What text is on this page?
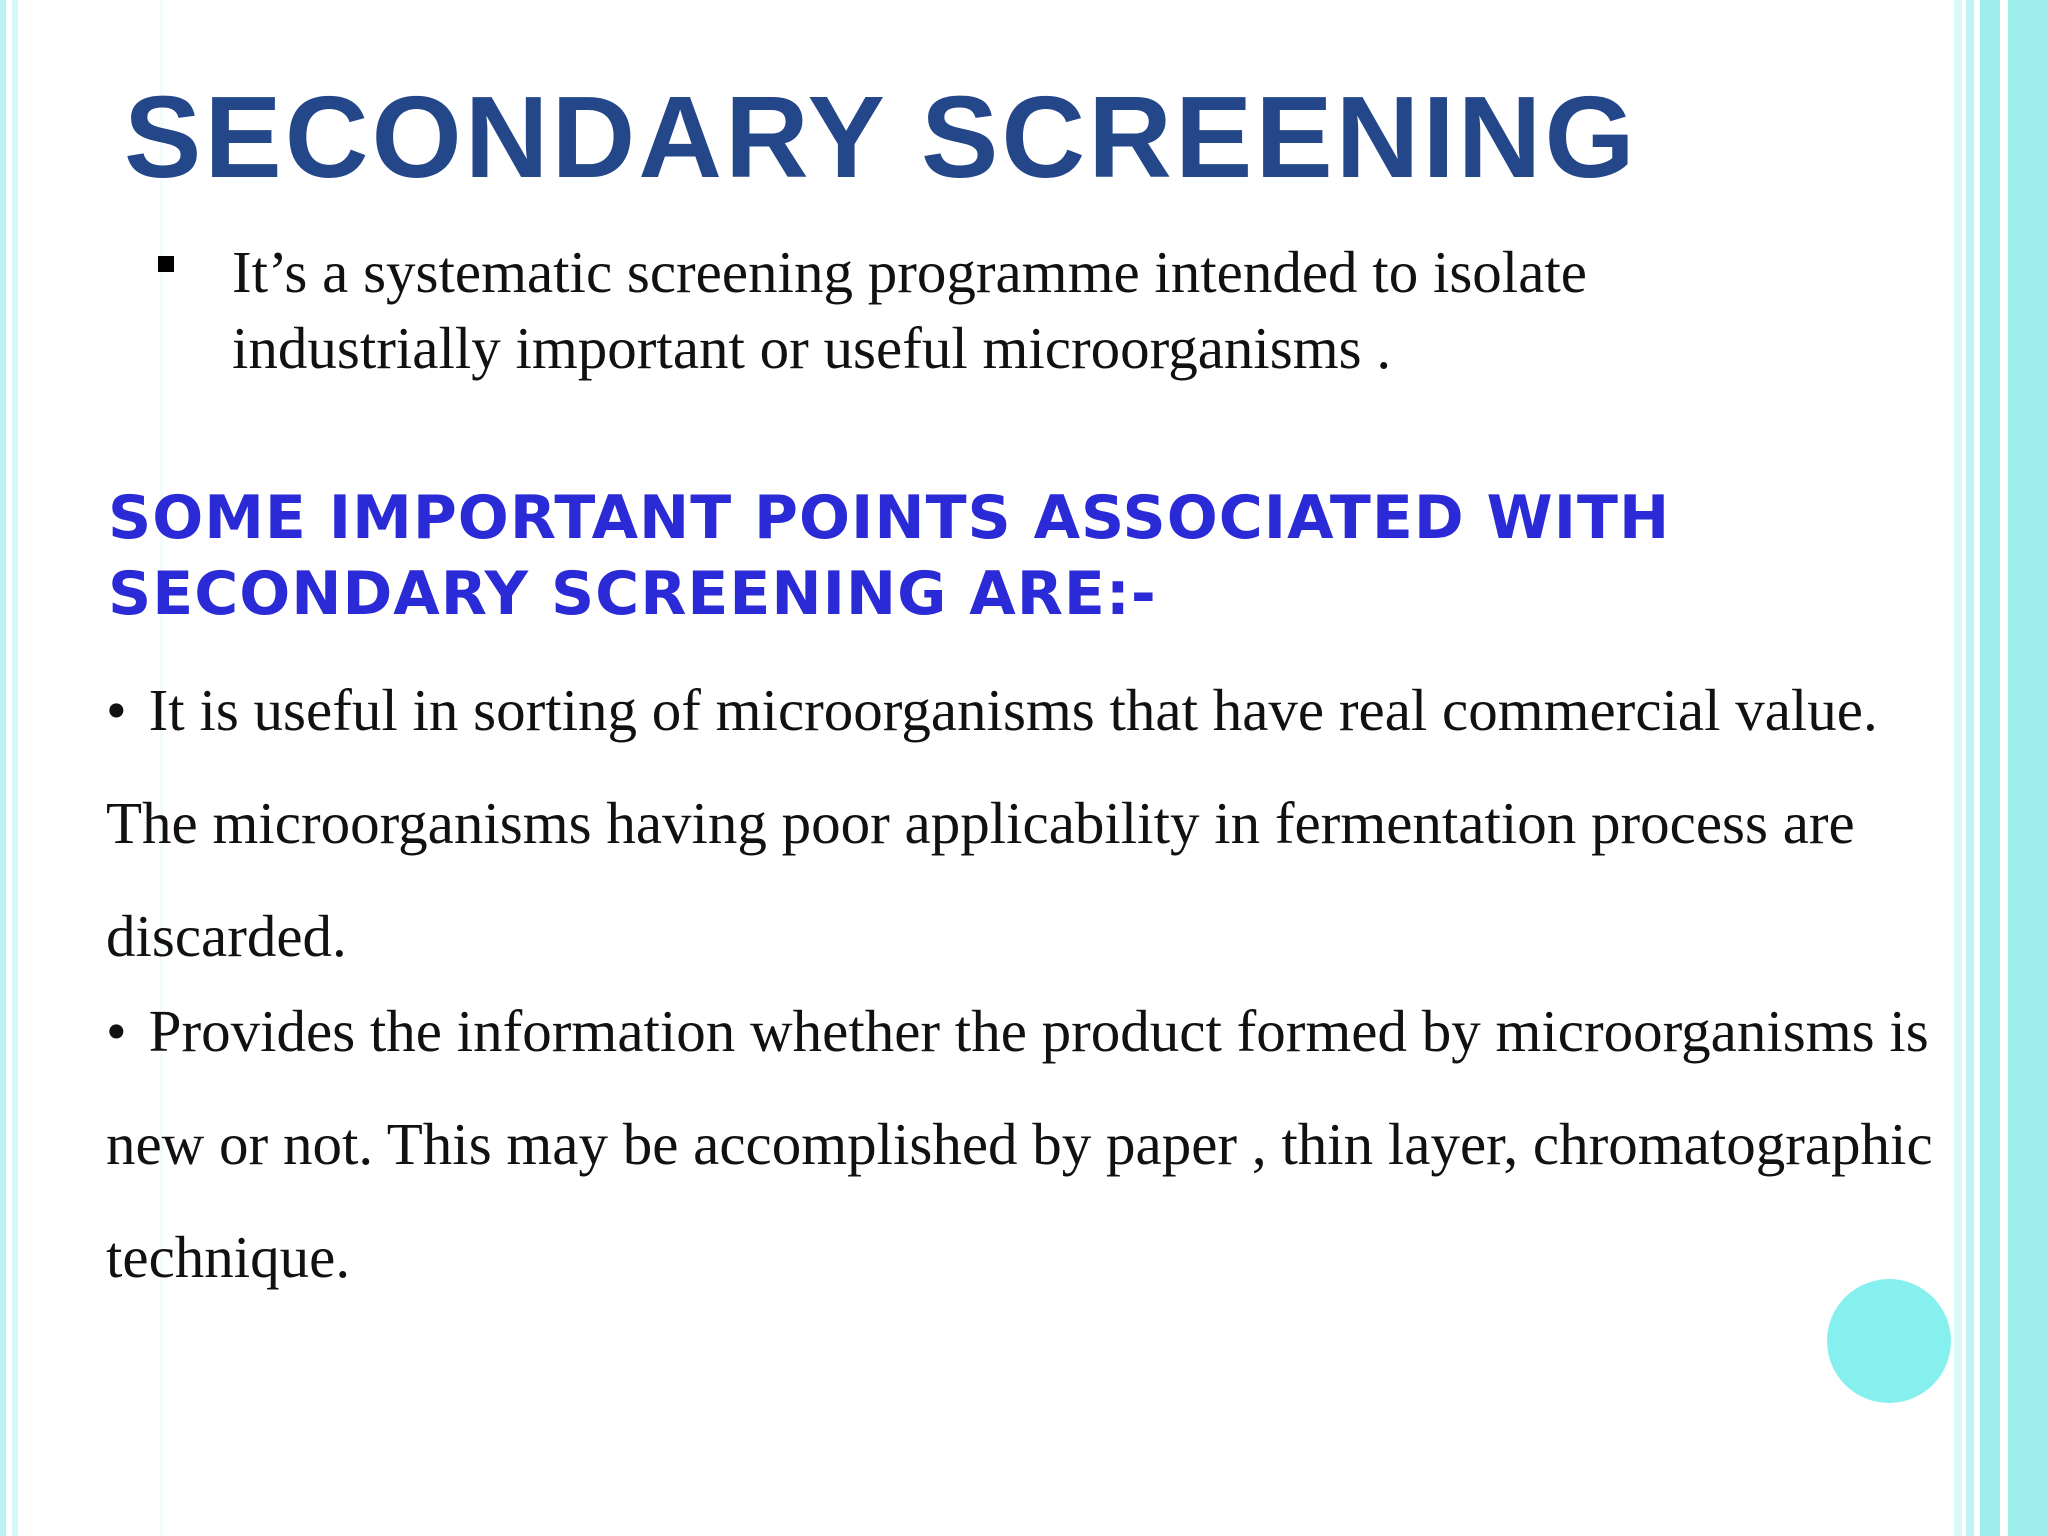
SECONDARY SCREENING

It’s a systematic screening programme intended to isolate industrially important or useful microorganisms .

SOME IMPORTANT POINTS ASSOCIATED WITH SECONDARY SCREENING ARE:-

• It is useful in sorting of microorganisms that have real commercial value. The microorganisms having poor applicability in fermentation process are discarded.

• Provides the information whether the product formed by microorganisms is new or not. This may be accomplished by paper , thin layer, chromatographic technique.
